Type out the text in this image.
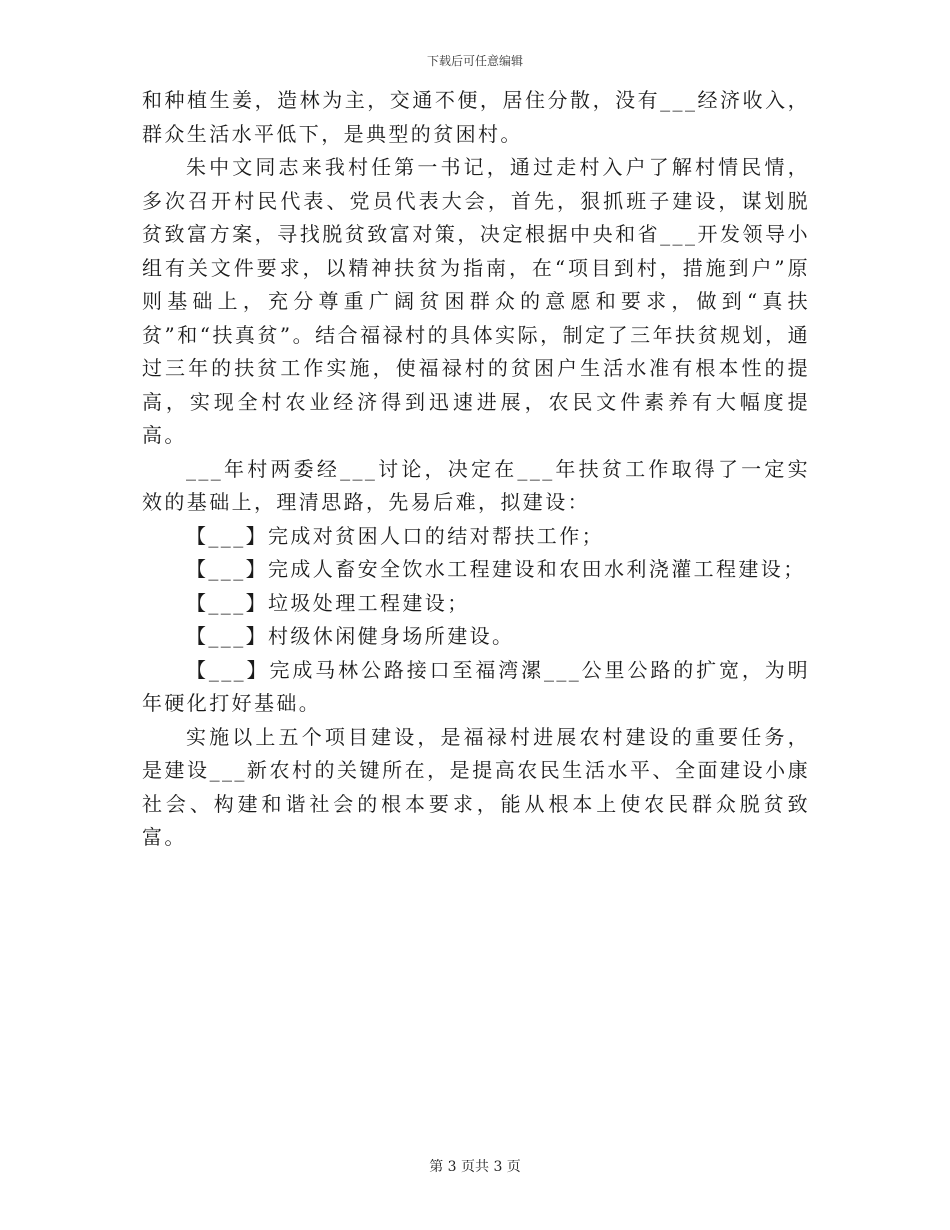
下载后可任意编辑

和种植生姜，造林为主，交通不便，居住分散，没有___经济收入，群众生活水平低下，是典型的贫困村。

朱中文同志来我村任第一书记，通过走村入户了解村情民情，多次召开村民代表、党员代表大会，首先，狠抓班子建设，谋划脱贫致富方案，寻找脱贫致富对策，决定根据中央和省___开发领导小组有关文件要求，以精神扶贫为指南，在“项目到村，措施到户”原则基础上，充分尊重广阔贫困群众的意愿和要求，做到“真扶贫”和“扶真贫”。结合福禄村的具体实际，制定了三年扶贫规划，通过三年的扶贫工作实施，使福禄村的贫困户生活水准有根本性的提高，实现全村农业经济得到迅速进展，农民文件素养有大幅度提高。

___年村两委经___讨论，决定在___年扶贫工作取得了一定实效的基础上，理清思路，先易后难，拟建设：

【___】完成对贫困人口的结对帮扶工作；

【___】完成人畜安全饮水工程建设和农田水利浇灌工程建设；

【___】垃圾处理工程建设；

【___】村级休闲健身场所建设。

【___】完成马林公路接口至福湾漯___公里公路的扩宽，为明年硬化打好基础。

实施以上五个项目建设，是福禄村进展农村建设的重要任务，是建设___新农村的关键所在，是提高农民生活水平、全面建设小康社会、构建和谐社会的根本要求，能从根本上使农民群众脱贫致富。

第 3 页共 3 页
